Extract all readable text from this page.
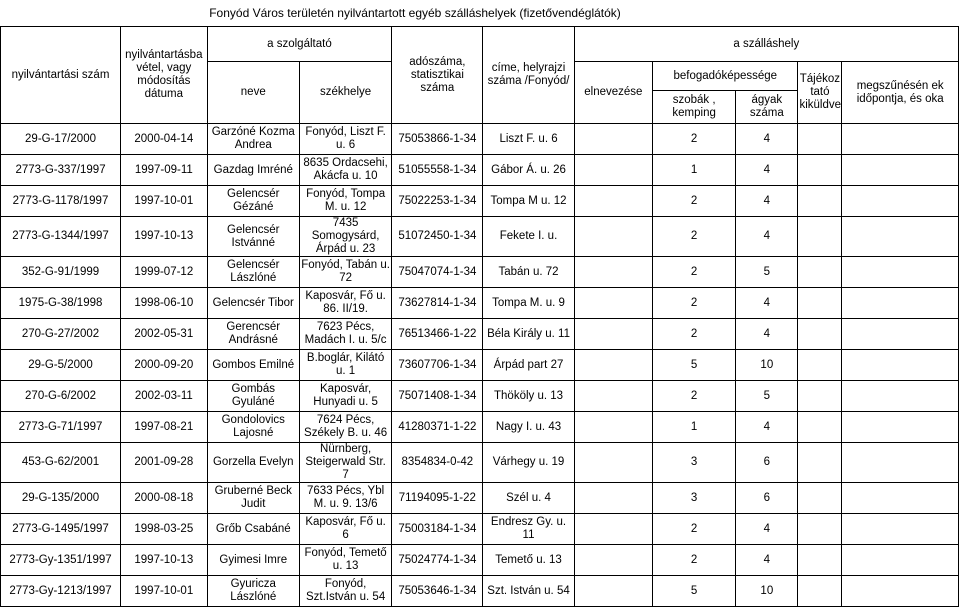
Fonyód Város területén nyilvántartott egyéb szálláshelyek (fizetővendéglátók)
nyilvántartási szám	nyilvántartásba vétel, vagy módosítás dátuma	a szolgáltató		adószáma, statisztikai száma	címe, helyrajzi száma /Fonyód/	a szálláshely				
		neve	székhelye			elnevezése	befogadóképessége		Tájékoz tató kiküldve	megszűnésén ek időpontja, és oka
							szobák , kemping	ágyak száma		
29-G-17/2000	2000-04-14	Garzóné Kozma Andrea	Fonyód, Liszt F. u. 6	75053866-1-34	Liszt F. u. 6		2	4		
2773-G-337/1997	1997-09-11	Gazdag Imréné	8635 Ordacsehi, Akácfa u. 10	51055558-1-34	Gábor Á. u. 26		1	4		
2773-G-1178/1997	1997-10-01	Gelencsér Gézáné	Fonyód, Tompa M. u. 12	75022253-1-34	Tompa M u. 12		2	4		
2773-G-1344/1997	1997-10-13	Gelencsér Istvánné	7435 Somogysárd, Árpád u. 23	51072450-1-34	Fekete I. u.		2	4		
352-G-91/1999	1999-07-12	Gelencsér Lászlóné	Fonyód, Tabán u. 72	75047074-1-34	Tabán u. 72		2	5		
1975-G-38/1998	1998-06-10	Gelencsér Tibor	Kaposvár, Fő u. 86. II/19.	73627814-1-34	Tompa M. u. 9		2	4		
270-G-27/2002	2002-05-31	Gerencsér Andrásné	7623 Pécs, Madách I. u. 5/c	76513466-1-22	Béla Király u. 11		2	4		
29-G-5/2000	2000-09-20	Gombos Emilné	B.boglár, Kilátó u. 1	73607706-1-34	Árpád part 27		5	10		
270-G-6/2002	2002-03-11	Gombás Gyuláné	Kaposvár, Hunyadi u. 5	75071408-1-34	Thököly u. 13		2	5		
2773-G-71/1997	1997-08-21	Gondolovics Lajosné	7624 Pécs, Székely B. u. 46	41280371-1-22	Nagy I. u. 43		1	4		
453-G-62/2001	2001-09-28	Gorzella Evelyn	Nürnberg, Steigerwald Str. 7	8354834-0-42	Várhegy u. 19		3	6		
29-G-135/2000	2000-08-18	Gruberné Beck Judit	7633 Pécs, Ybl M. u. 9. 13/6	71194095-1-22	Szél u. 4		3	6		
2773-G-1495/1997	1998-03-25	Grőb Csabáné	Kaposvár, Fő u. 6	75003184-1-34	Endresz Gy. u. 11		2	4		
2773-Gy-1351/1997	1997-10-13	Gyimesi Imre	Fonyód, Temető u. 13	75024774-1-34	Temető u. 13		2	4		
2773-Gy-1213/1997	1997-10-01	Gyuricza Lászlóné	Fonyód, Szt.István u. 54	75053646-1-34	Szt. István u. 54		5	10		
